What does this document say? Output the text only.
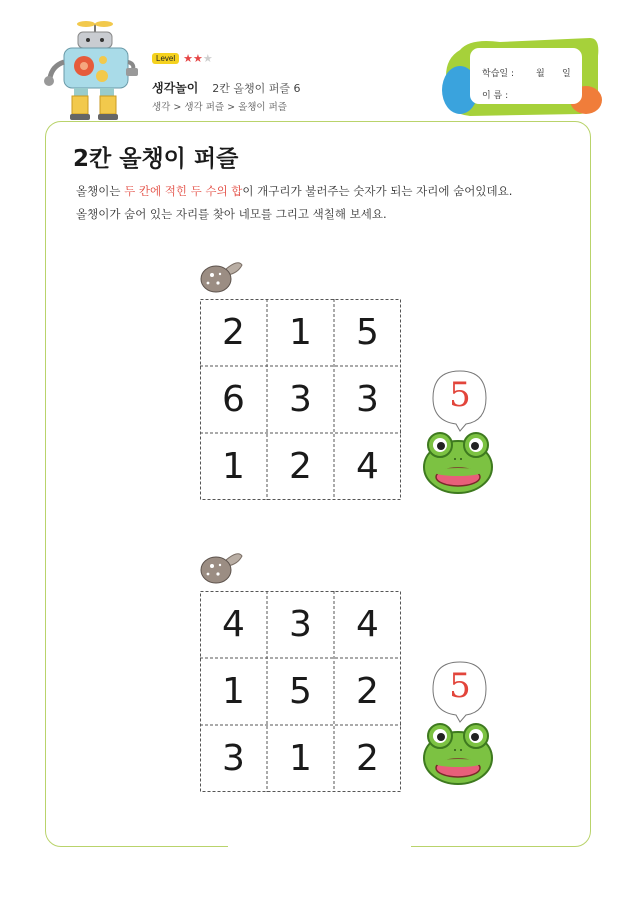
Level ★★★
생각놀이 2칸 올챙이 퍼즐 6
생각 > 생각 퍼즐 > 올챙이 퍼즐
학습일 : 월 일
이 름 :
2칸 올챙이 퍼즐
올챙이는 두 칸에 적힌 두 수의 합이 개구리가 불러주는 숫자가 되는 자리에 숨어있데요.
올챙이가 숨어 있는 자리를 찾아 네모를 그리고 색칠해 보세요.
2	1	5
6	3	3
1	2	4
5
4	3	4
1	5	2
3	1	2
5
